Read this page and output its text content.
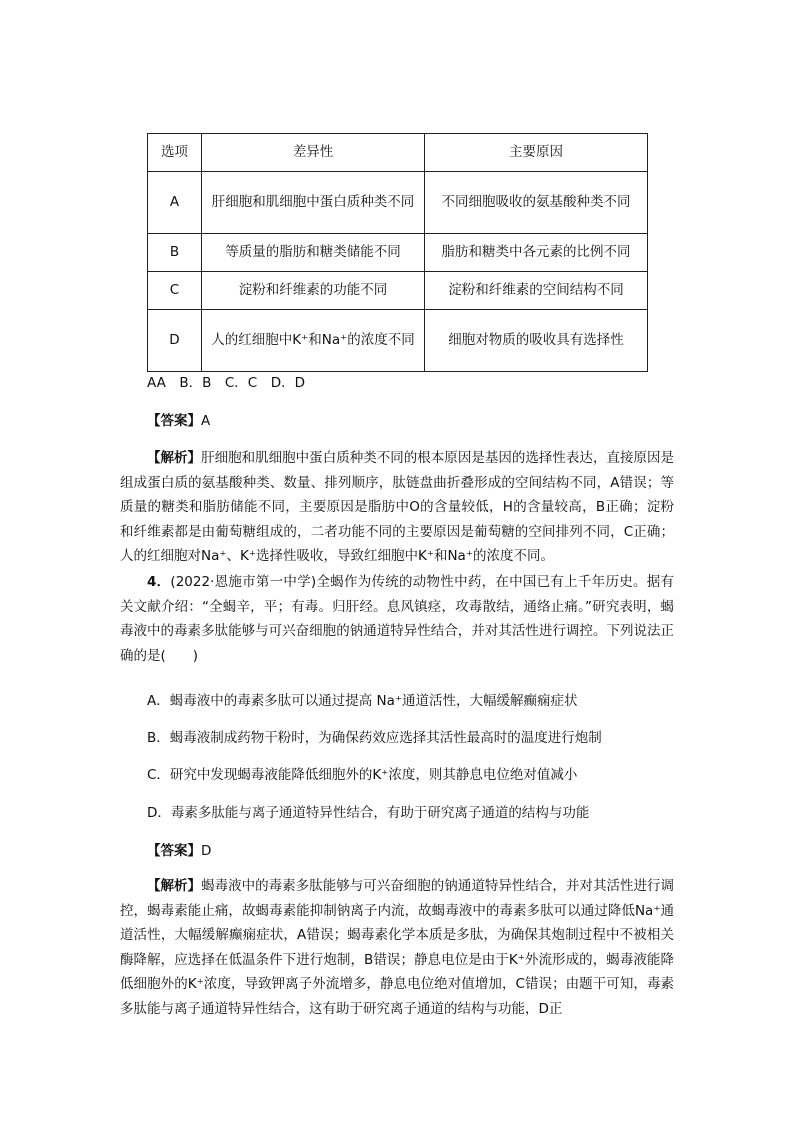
选项	差异性	主要原因
A	肝细胞和肌细胞中蛋白质种类不同	不同细胞吸收的氨基酸种类不同
B	等质量的脂肪和糖类储能不同	脂肪和糖类中各元素的比例不同
C	淀粉和纤维素的功能不同	淀粉和纤维素的空间结构不同
D	人的红细胞中K⁺和Na⁺的浓度不同	细胞对物质的吸收具有选择性
AA　B．B　C．C　D．D
【答案】A
【解析】肝细胞和肌细胞中蛋白质种类不同的根本原因是基因的选择性表达，直接原因是组成蛋白质的氨基酸种类、数量、排列顺序，肽链盘曲折叠形成的空间结构不同，A错误；等质量的糖类和脂肪储能不同，主要原因是脂肪中O的含量较低，H的含量较高，B正确；淀粉和纤维素都是由葡萄糖组成的，二者功能不同的主要原因是葡萄糖的空间排列不同，C正确；人的红细胞对Na⁺、K⁺选择性吸收，导致红细胞中K⁺和Na⁺的浓度不同。
4．(2022·恩施市第一中学)全蝎作为传统的动物性中药，在中国已有上千年历史。据有关文献介绍：“全蝎辛，平；有毒。归肝经。息风镇痉，攻毒散结，通络止痛。”研究表明，蝎毒液中的毒素多肽能够与可兴奋细胞的钠通道特异性结合，并对其活性进行调控。下列说法正确的是(　　)
A．蝎毒液中的毒素多肽可以通过提高 Na⁺通道活性，大幅缓解癫痫症状
B．蝎毒液制成药物干粉时，为确保药效应选择其活性最高时的温度进行炮制
C．研究中发现蝎毒液能降低细胞外的K⁺浓度，则其静息电位绝对值减小
D．毒素多肽能与离子通道特异性结合，有助于研究离子通道的结构与功能
【答案】D
【解析】蝎毒液中的毒素多肽能够与可兴奋细胞的钠通道特异性结合，并对其活性进行调控，蝎毒素能止痛，故蝎毒素能抑制钠离子内流，故蝎毒液中的毒素多肽可以通过降低Na⁺通道活性，大幅缓解癫痫症状，A错误；蝎毒素化学本质是多肽，为确保其炮制过程中不被相关酶降解，应选择在低温条件下进行炮制，B错误；静息电位是由于K⁺外流形成的，蝎毒液能降低细胞外的K⁺浓度，导致钾离子外流增多，静息电位绝对值增加，C错误；由题干可知，毒素多肽能与离子通道特异性结合，这有助于研究离子通道的结构与功能，D正
